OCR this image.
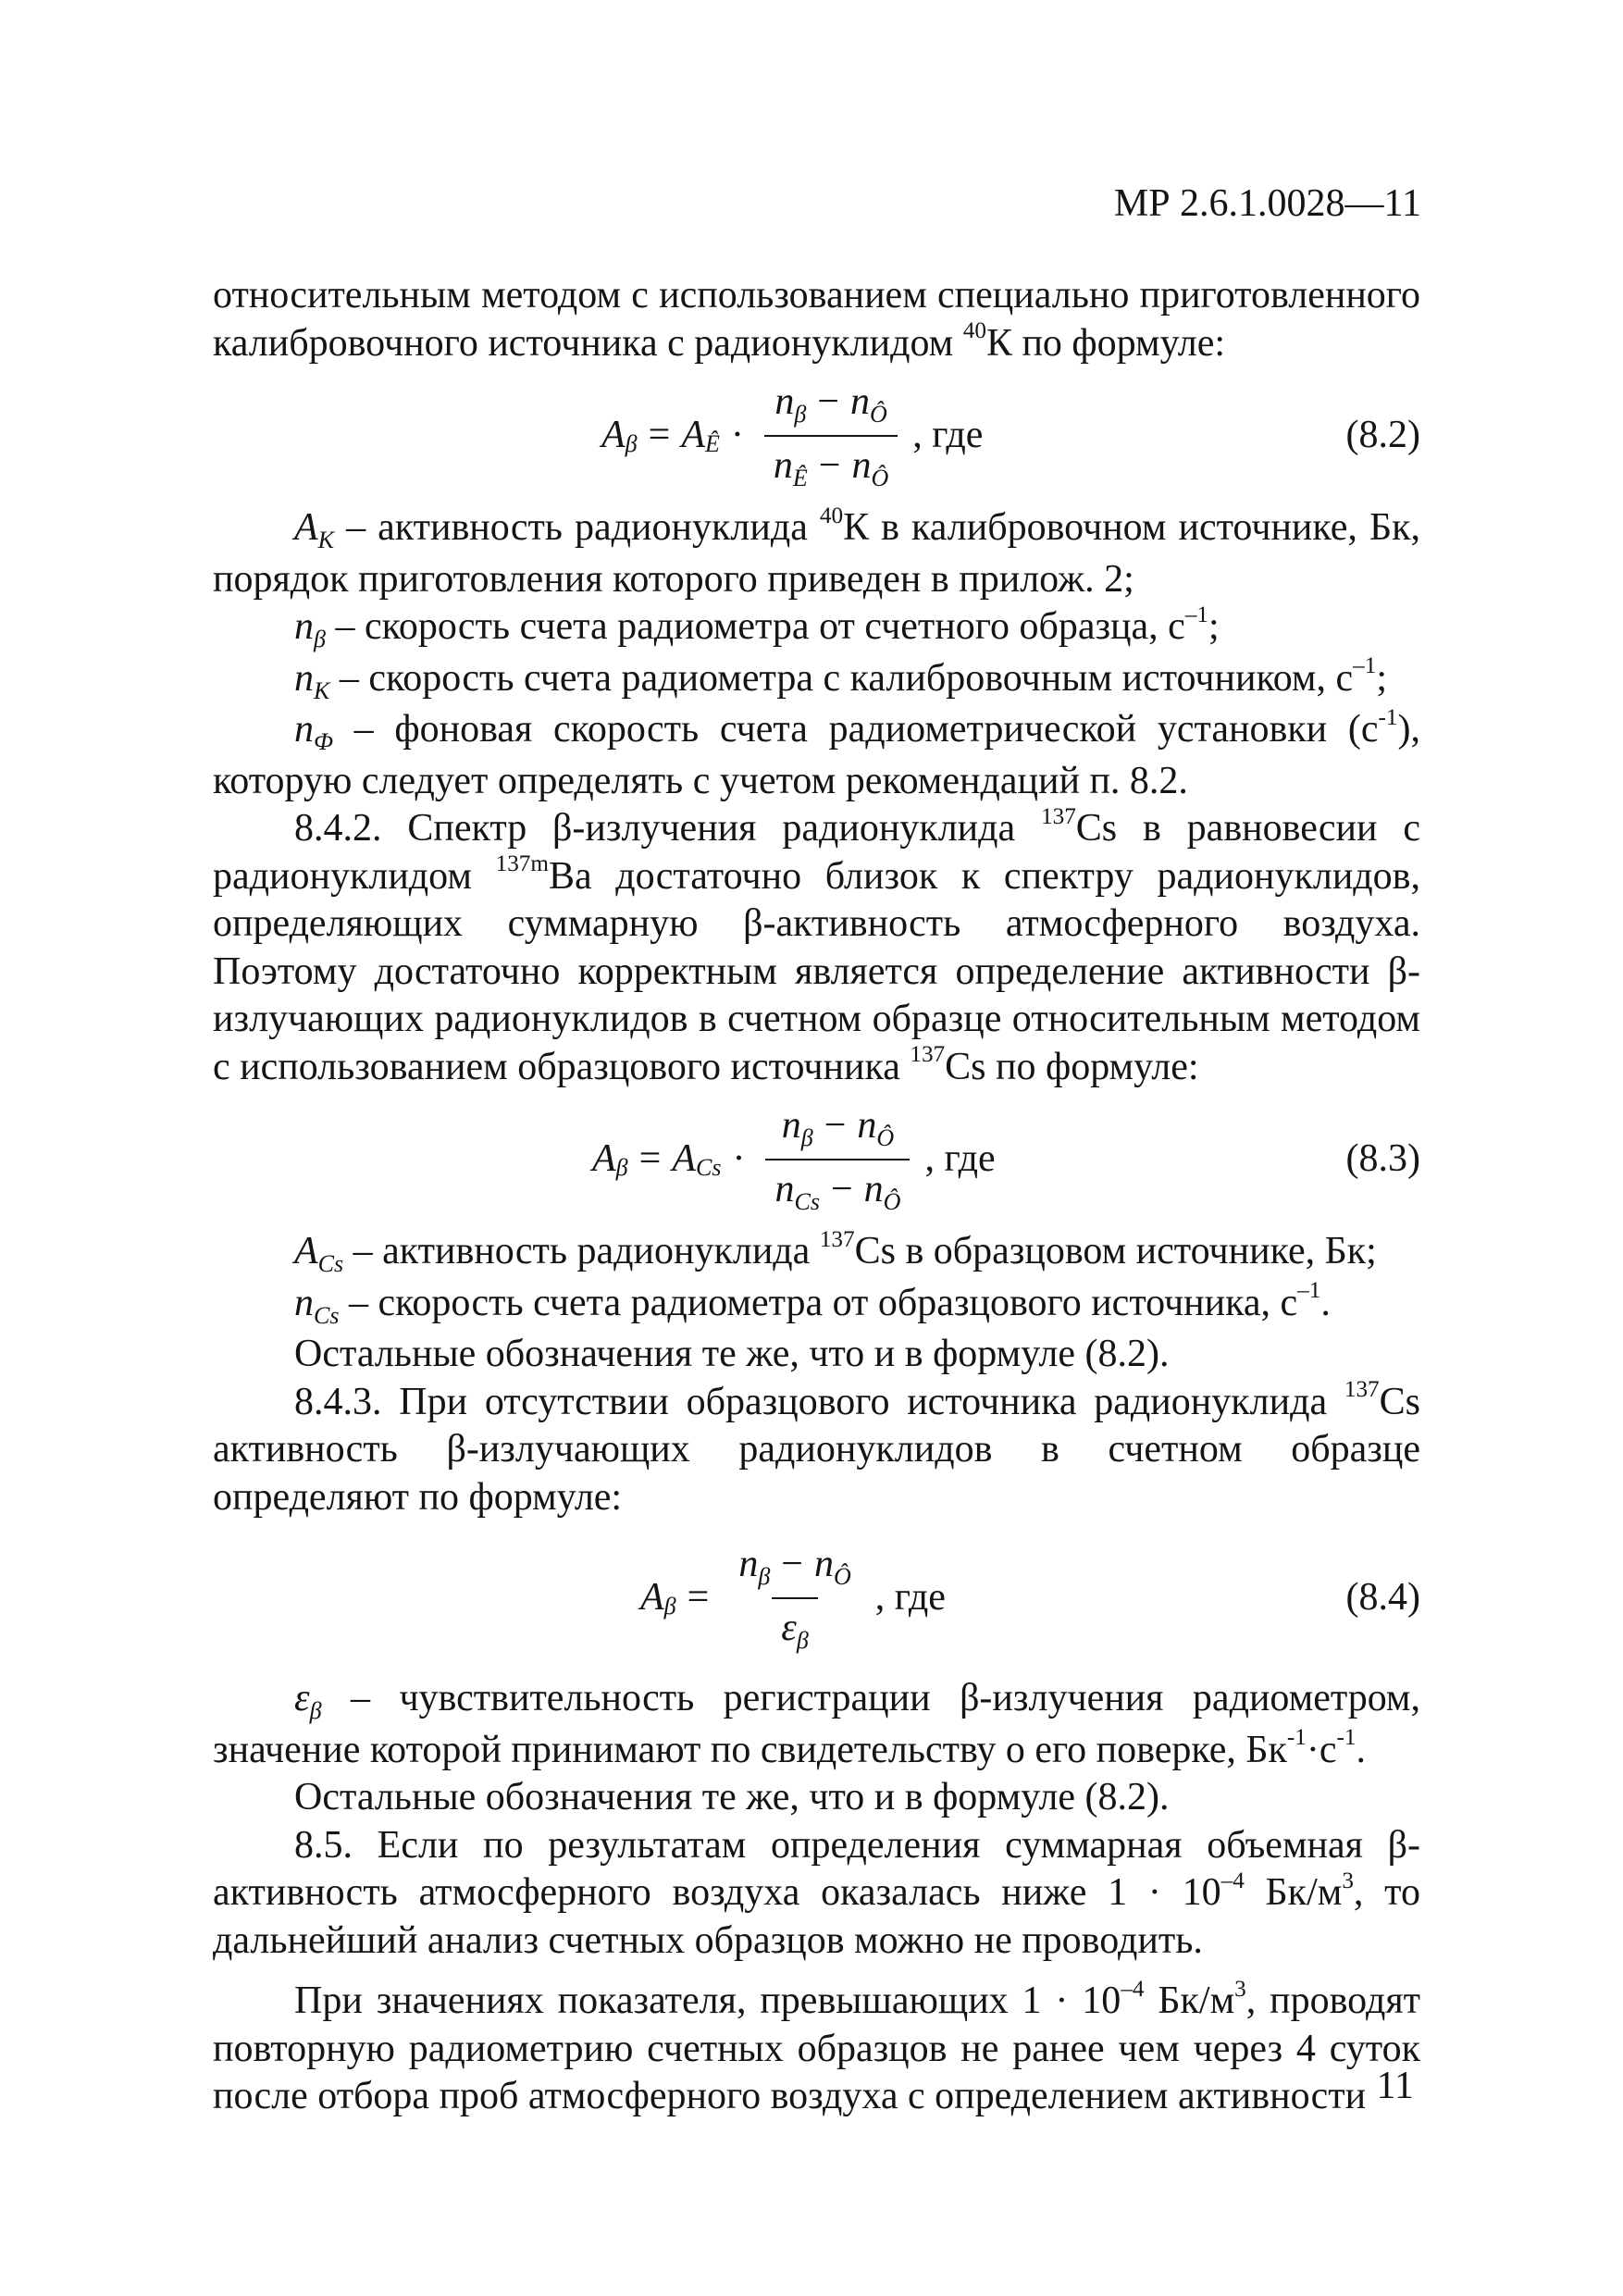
МР 2.6.1.0028—11

относительным методом с использованием специально приготовленного калибровочного источника с радионуклидом $^{40}$К по формуле:

A β = A Ê · $\frac{n_\beta - n_Ô}{n_Ê - n_Ô}$ , где	(8.2)

$A_K$ – активность радионуклида $^{40}$К в калибровочном источнике, Бк, порядок приготовления которого приведен в прилож. 2;

$n_\beta$ – скорость счета радиометра от счетного образца, $с^{-1}$;

$n_K$ – скорость счета радиометра с калибровочным источником, $с^{-1}$;

$n_Ф$ – фоновая скорость счета радиометрической установки $(с^{-1})$, которую следует определять с учетом рекомендаций п. 8.2.

8.4.2. Спектр β-излучения радионуклида $^{137}$Cs в равновесии с радионуклидом $^{137m}$Ba достаточно близок к спектру радионуклидов, определяющих суммарную β-активность атмосферного воздуха. Поэтому достаточно корректным является определение активности β-излучающих радионуклидов в счетном образце относительным методом с использованием образцового источника $^{137}$Cs по формуле:

A β = A $Cs \cdot \frac{n_\beta - n_Ô}{n_{Cs} - n_Ô}$ , где	(8.3)

$A_{Cs}$ – активность радионуклида $^{137}$Cs в образцовом источнике, Бк;

$n_{Cs}$ – скорость счета радиометра от образцового источника, $с^{-1}$.

Остальные обозначения те же, что и в формуле (8.2).

8.4.3. При отсутствии образцового источника радионуклида $^{137}$Cs активность β-излучающих радионуклидов в счетном образце определяют по формуле:

A $\beta = \frac{n_\beta - n_Ô}{\varepsilon_\beta}$ , где	(8.4)

$\varepsilon_\beta$ – чувствительность регистрации β-излучения радиометром, значение которой принимают по свидетельству о его поверке, $Бк^{-1}\cdot с^{-1}$.

Остальные обозначения те же, что и в формуле (8.2).

8.5. Если по результатам определения суммарная объемная β-активность атмосферного воздуха оказалась ниже $1 \cdot 10^{-4}$ $Бк/м^3$, то дальнейший анализ счетных образцов можно не проводить.

При значениях показателя, превышающих $1 \cdot 10^{-4}$ $Бк/м^3$, проводят повторную радиометрию счетных образцов не ранее чем через 4 суток после отбора проб атмосферного воздуха с определением активности 11
